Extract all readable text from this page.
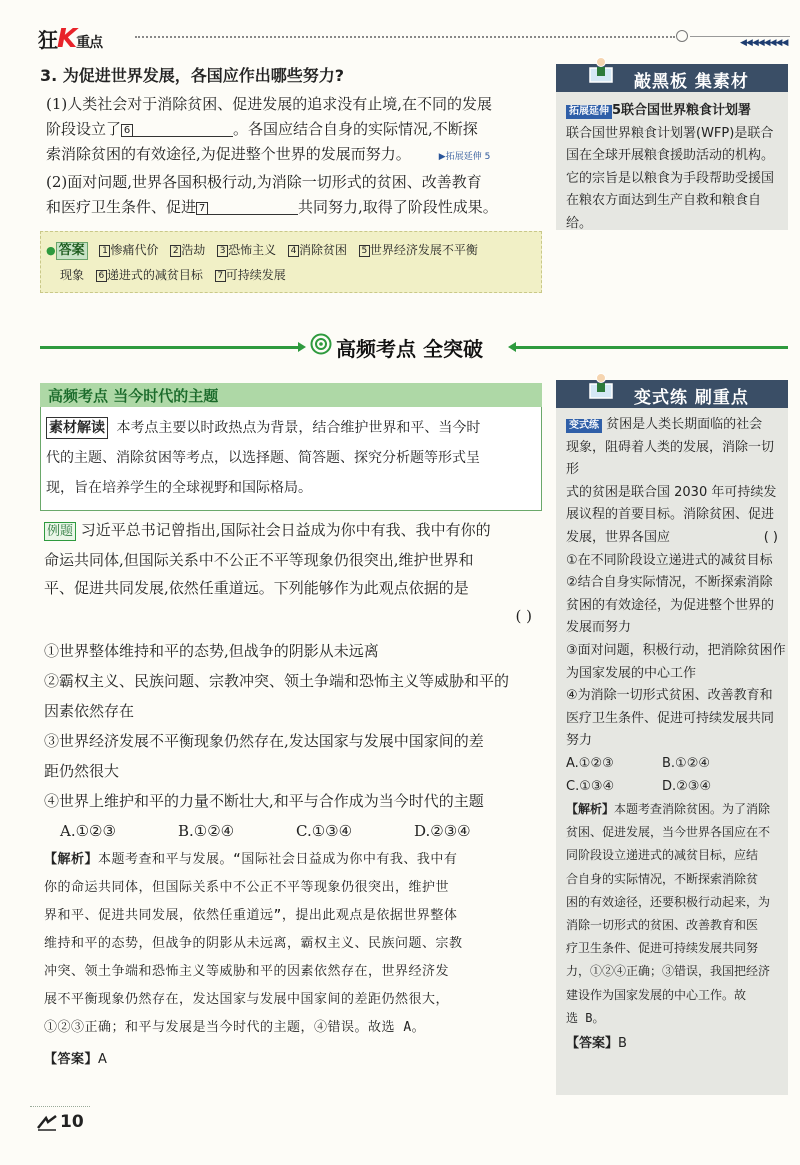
狂K重点	◀◀◀◀◀◀◀◀
3. 为促进世界发展，各国应作出哪些努力?
(1)人类社会对于消除贫困、促进发展的追求没有止境,在不同的发展
阶段设立了 6	。各国应结合自身的实际情况,不断探
索消除贫困的有效途径,为促进整个世界的发展而努力。	▶拓展延伸 5
(2)面对问题,世界各国积极行动,为消除一切形式的贫困、改善教育
和医疗卫生条件、促进 7	共同努力,取得了阶段性成果。
● 答案 1 惨痛代价 2 浩劫 3 恐怖主义 4 消除贫困 5 世界经济发展不平衡
现象 6 递进式的减贫目标 7 可持续发展
敲黑板 集素材
拓展延伸 5联合国世界粮食计划署
联合国世界粮食计划署(WFP)是联合
国在全球开展粮食援助活动的机构。
它的宗旨是以粮食为手段帮助受援国
在粮农方面达到生产自救和粮食自给。
高频考点 全突破
高频考点 当今时代的主题
素材解读 本考点主要以时政热点为背景，结合维护世界和平、当今时
代的主题、消除贫困等考点，以选择题、简答题、探究分析题等形式呈
现，旨在培养学生的全球视野和国际格局。
例题 习近平总书记曾指出,国际社会日益成为你中有我、我中有你的
命运共同体,但国际关系中不公正不平等现象仍很突出,维护世界和
平、促进共同发展,依然任重道远。下列能够作为此观点依据的是
( )
①世界整体维持和平的态势,但战争的阴影从未远离
②霸权主义、民族问题、宗教冲突、领土争端和恐怖主义等威胁和平的
因素依然存在
③世界经济发展不平衡现象仍然存在,发达国家与发展中国家间的差
距仍然很大
④世界上维护和平的力量不断壮大,和平与合作成为当今时代的主题
A.①②③	B.①②④	C.①③④	D.②③④
【解析】本题考查和平与发展。“国际社会日益成为你中有我、我中有
你的命运共同体，但国际关系中不公正不平等现象仍很突出，维护世
界和平、促进共同发展，依然任重道远”，提出此观点是依据世界整体
维持和平的态势，但战争的阴影从未远离，霸权主义、民族问题、宗教
冲突、领土争端和恐怖主义等威胁和平的因素依然存在，世界经济发
展不平衡现象仍然存在，发达国家与发展中国家间的差距仍然很大，
①②③正确；和平与发展是当今时代的主题，④错误。故选 A。
【答案】A
变式练 刷重点
变式练 贫困是人类长期面临的社会
现象，阻碍着人类的发展，消除一切形
式的贫困是联合国 2030 年可持续发
展议程的首要目标。消除贫困、促进
发展，世界各国应	( )
①在不同阶段设立递进式的减贫目标
②结合自身实际情况，不断探索消除
贫困的有效途径，为促进整个世界的
发展而努力
③面对问题，积极行动，把消除贫困作
为国家发展的中心工作
④为消除一切形式贫困、改善教育和
医疗卫生条件、促进可持续发展共同
努力
A.①②③	B.①②④
C.①③④	D.②③④
【解析】本题考查消除贫困。为了消除
贫困、促进发展，当今世界各国应在不
同阶段设立递进式的减贫目标，应结
合自身的实际情况，不断探索消除贫
困的有效途径，还要积极行动起来，为
消除一切形式的贫困、改善教育和医
疗卫生条件、促进可持续发展共同努
力，①②④正确；③错误，我国把经济
建设作为国家发展的中心工作。故
选 B。
【答案】B
10
